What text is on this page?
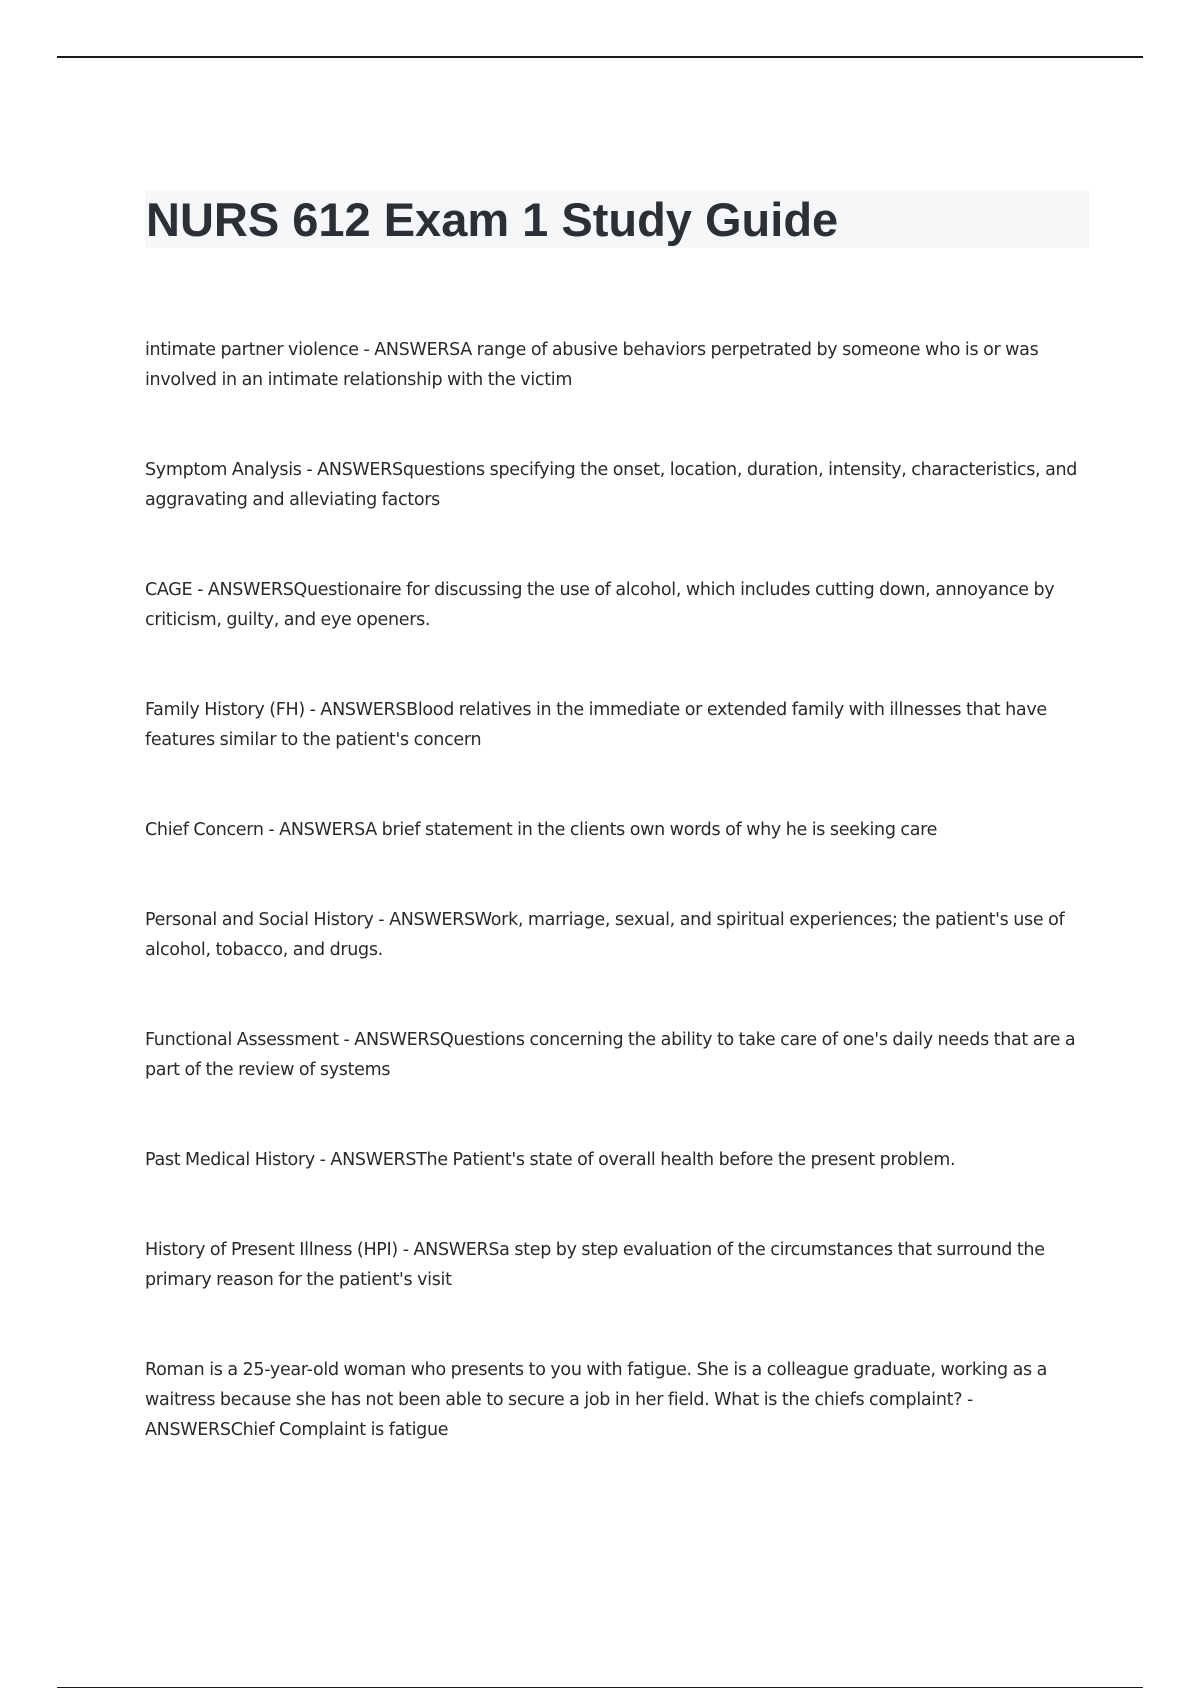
NURS 612 Exam 1 Study Guide
intimate partner violence - ANSWERSA range of abusive behaviors perpetrated by someone who is or was involved in an intimate relationship with the victim
Symptom Analysis - ANSWERSquestions specifying the onset, location, duration, intensity, characteristics, and aggravating and alleviating factors
CAGE - ANSWERSQuestionaire for discussing the use of alcohol, which includes cutting down, annoyance by criticism, guilty, and eye openers.
Family History (FH) - ANSWERSBlood relatives in the immediate or extended family with illnesses that have features similar to the patient's concern
Chief Concern - ANSWERSA brief statement in the clients own words of why he is seeking care
Personal and Social History - ANSWERSWork, marriage, sexual, and spiritual experiences; the patient's use of alcohol, tobacco, and drugs.
Functional Assessment - ANSWERSQuestions concerning the ability to take care of one's daily needs that are a part of the review of systems
Past Medical History - ANSWERSThe Patient's state of overall health before the present problem.
History of Present Illness (HPI) - ANSWERSa step by step evaluation of the circumstances that surround the primary reason for the patient's visit
Roman is a 25-year-old woman who presents to you with fatigue. She is a colleague graduate, working as a waitress because she has not been able to secure a job in her field. What is the chiefs complaint? - ANSWERSChief Complaint is fatigue
